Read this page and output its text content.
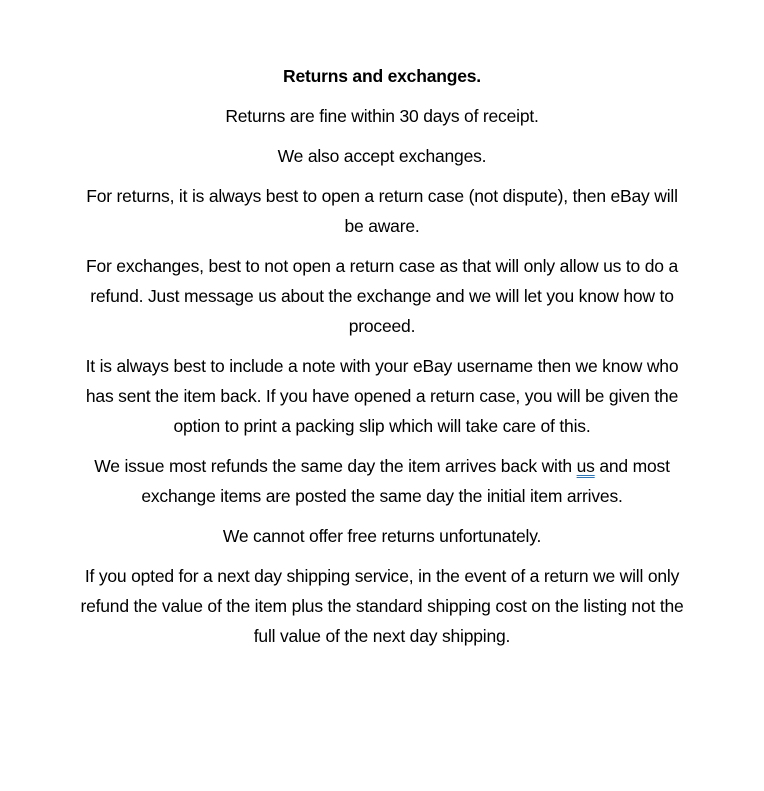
Returns and exchanges.

Returns are fine within 30 days of receipt.

We also accept exchanges.

For returns, it is always best to open a return case (not dispute), then eBay will be aware.

For exchanges, best to not open a return case as that will only allow us to do a refund. Just message us about the exchange and we will let you know how to proceed.

It is always best to include a note with your eBay username then we know who has sent the item back. If you have opened a return case, you will be given the option to print a packing slip which will take care of this.

We issue most refunds the same day the item arrives back with us and most exchange items are posted the same day the initial item arrives.

We cannot offer free returns unfortunately.

If you opted for a next day shipping service, in the event of a return we will only refund the value of the item plus the standard shipping cost on the listing not the full value of the next day shipping.
